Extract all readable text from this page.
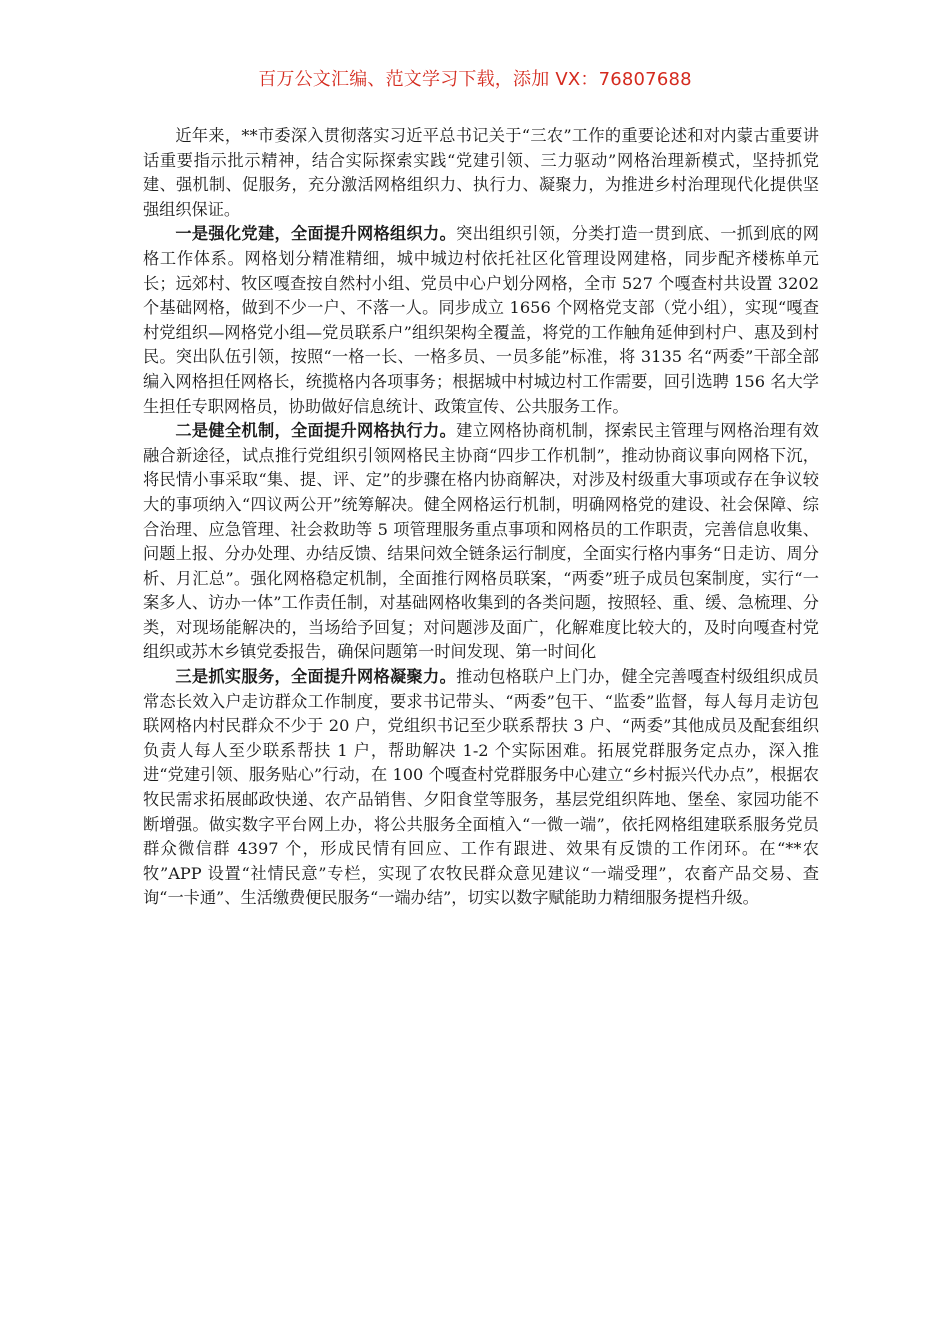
百万公文汇编、范文学习下载，添加 VX：76807688

近年来，**市委深入贯彻落实习近平总书记关于“三农”工作的重要论述和对内蒙古重要讲话重要指示批示精神，结合实际探索实践“党建引领、三力驱动”网格治理新模式，坚持抓党建、强机制、促服务，充分激活网格组织力、执行力、凝聚力，为推进乡村治理现代化提供坚强组织保证。

一是强化党建，全面提升网格组织力。突出组织引领，分类打造一贯到底、一抓到底的网格工作体系。网格划分精准精细，城中城边村依托社区化管理设网建格，同步配齐楼栋单元长；远郊村、牧区嘎查按自然村小组、党员中心户划分网格，全市 527 个嘎查村共设置 3202 个基础网格，做到不少一户、不落一人。同步成立 1656 个网格党支部（党小组），实现“嘎查村党组织—网格党小组—党员联系户”组织架构全覆盖，将党的工作触角延伸到村户、惠及到村民。突出队伍引领，按照“一格一长、一格多员、一员多能”标准，将 3135 名“两委”干部全部编入网格担任网格长，统揽格内各项事务；根据城中村城边村工作需要，回引选聘 156 名大学生担任专职网格员，协助做好信息统计、政策宣传、公共服务工作。

二是健全机制，全面提升网格执行力。建立网格协商机制，探索民主管理与网格治理有效融合新途径，试点推行党组织引领网格民主协商“四步工作机制”，推动协商议事向网格下沉，将民情小事采取“集、提、评、定”的步骤在格内协商解决，对涉及村级重大事项或存在争议较大的事项纳入“四议两公开”统筹解决。健全网格运行机制，明确网格党的建设、社会保障、综合治理、应急管理、社会救助等 5 项管理服务重点事项和网格员的工作职责，完善信息收集、问题上报、分办处理、办结反馈、结果问效全链条运行制度，全面实行格内事务“日走访、周分析、月汇总”。强化网格稳定机制，全面推行网格员联案，“两委”班子成员包案制度，实行“一案多人、访办一体”工作责任制，对基础网格收集到的各类问题，按照轻、重、缓、急梳理、分类，对现场能解决的，当场给予回复；对问题涉及面广，化解难度比较大的，及时向嘎查村党组织或苏木乡镇党委报告，确保问题第一时间发现、第一时间化

三是抓实服务，全面提升网格凝聚力。推动包格联户上门办，健全完善嘎查村级组织成员常态长效入户走访群众工作制度，要求书记带头、“两委”包干、“监委”监督，每人每月走访包联网格内村民群众不少于 20 户，党组织书记至少联系帮扶 3 户、“两委”其他成员及配套组织负责人每人至少联系帮扶 1 户，帮助解决 1-2 个实际困难。拓展党群服务定点办，深入推进“党建引领、服务贴心”行动，在 100 个嘎查村党群服务中心建立“乡村振兴代办点”，根据农牧民需求拓展邮政快递、农产品销售、夕阳食堂等服务，基层党组织阵地、堡垒、家园功能不断增强。做实数字平台网上办，将公共服务全面植入“一微一端”，依托网格组建联系服务党员群众微信群 4397 个，形成民情有回应、工作有跟进、效果有反馈的工作闭环。在“**农牧”APP 设置“社情民意”专栏，实现了农牧民群众意见建议“一端受理”，农畜产品交易、查询“一卡通”、生活缴费便民服务“一端办结”，切实以数字赋能助力精细服务提档升级。
